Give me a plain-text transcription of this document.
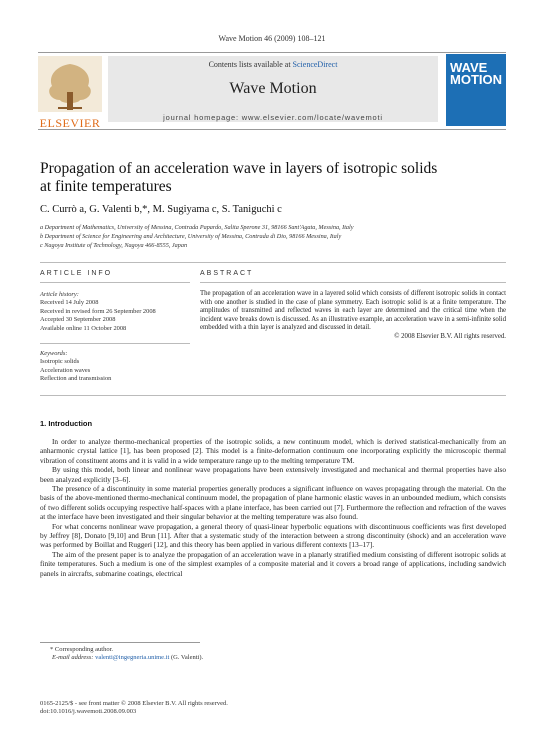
Wave Motion 46 (2009) 108–121
ELSEVIER
Contents lists available at ScienceDirect
Wave Motion
journal homepage: www.elsevier.com/locate/wavemoti
WAVE MOTION
Propagation of an acceleration wave in layers of isotropic solids
at finite temperatures
C. Currò a, G. Valenti b,*, M. Sugiyama c, S. Taniguchi c
a Department of Mathematics, University of Messina, Contrada Papardo, Salita Sperone 31, 98166 Sant'Agata, Messina, Italy
b Department of Science for Engineering and Architecture, University of Messina, Contrada di Dio, 98166 Messina, Italy
c Nagoya Institute of Technology, Nagoya 466-8555, Japan
ARTICLE INFO	ABSTRACT
Article history:
Received 14 July 2008
Received in revised form 26 September 2008
Accepted 30 September 2008
Available online 11 October 2008
Keywords:
Isotropic solids
Acceleration waves
Reflection and transmission
The propagation of an acceleration wave in a layered solid which consists of different isotropic solids in contact with one another is studied in the case of plane symmetry. Each isotropic solid is at a finite temperature. The amplitudes of transmitted and reflected waves in each layer are determined and the critical time when the incident wave breaks down is discussed. As an illustrative example, an acceleration wave in a semi-infinite solid embedded with a thin layer is analyzed and discussed in detail.
© 2008 Elsevier B.V. All rights reserved.
1. Introduction

In order to analyze thermo-mechanical properties of the isotropic solids, a new continuum model, which is derived statistical-mechanically from an anharmonic crystal lattice [1], has been proposed [2]. This model is a finite-deformation continuum one incorporating explicitly the microscopic thermal vibration of constituent atoms and it is valid in a wide temperature range up to the melting temperature TM.

By using this model, both linear and nonlinear wave propagations have been extensively investigated and mechanical and thermal properties have also been analyzed explicitly [3–6].

The presence of a discontinuity in some material properties generally produces a significant influence on waves propagating through the material. On the basis of the above-mentioned thermo-mechanical continuum model, the propagation of plane harmonic elastic waves in an unbounded medium, which consists of two different solids occupying respective half-spaces with a plane interface, has been carried out [7]. Furthermore the reflection and refraction of the waves at the interface have been investigated and their singular behavior at the melting temperature was also found.

For what concerns nonlinear wave propagation, a general theory of quasi-linear hyperbolic equations with discontinuous coefficients was first developed by Jeffrey [8], Donato [9,10] and Brun [11]. After that a systematic study of the interaction between a strong discontinuity (shock) and an acceleration wave was performed by Boillat and Ruggeri [12], and this theory has been applied in various different contexts [13–17].

The aim of the present paper is to analyze the propagation of an acceleration wave in a planarly stratified medium consisting of different isotropic solids at finite temperatures. Such a medium is one of the simplest examples of a composite material and it covers a broad range of applications, including sandwich panels in aircrafts, submarine coatings, electrical

* Corresponding author.
E-mail address: valenti@ingegneria.unime.it (G. Valenti).
0165-2125/$ - see front matter © 2008 Elsevier B.V. All rights reserved.
doi:10.1016/j.wavemoti.2008.09.003
